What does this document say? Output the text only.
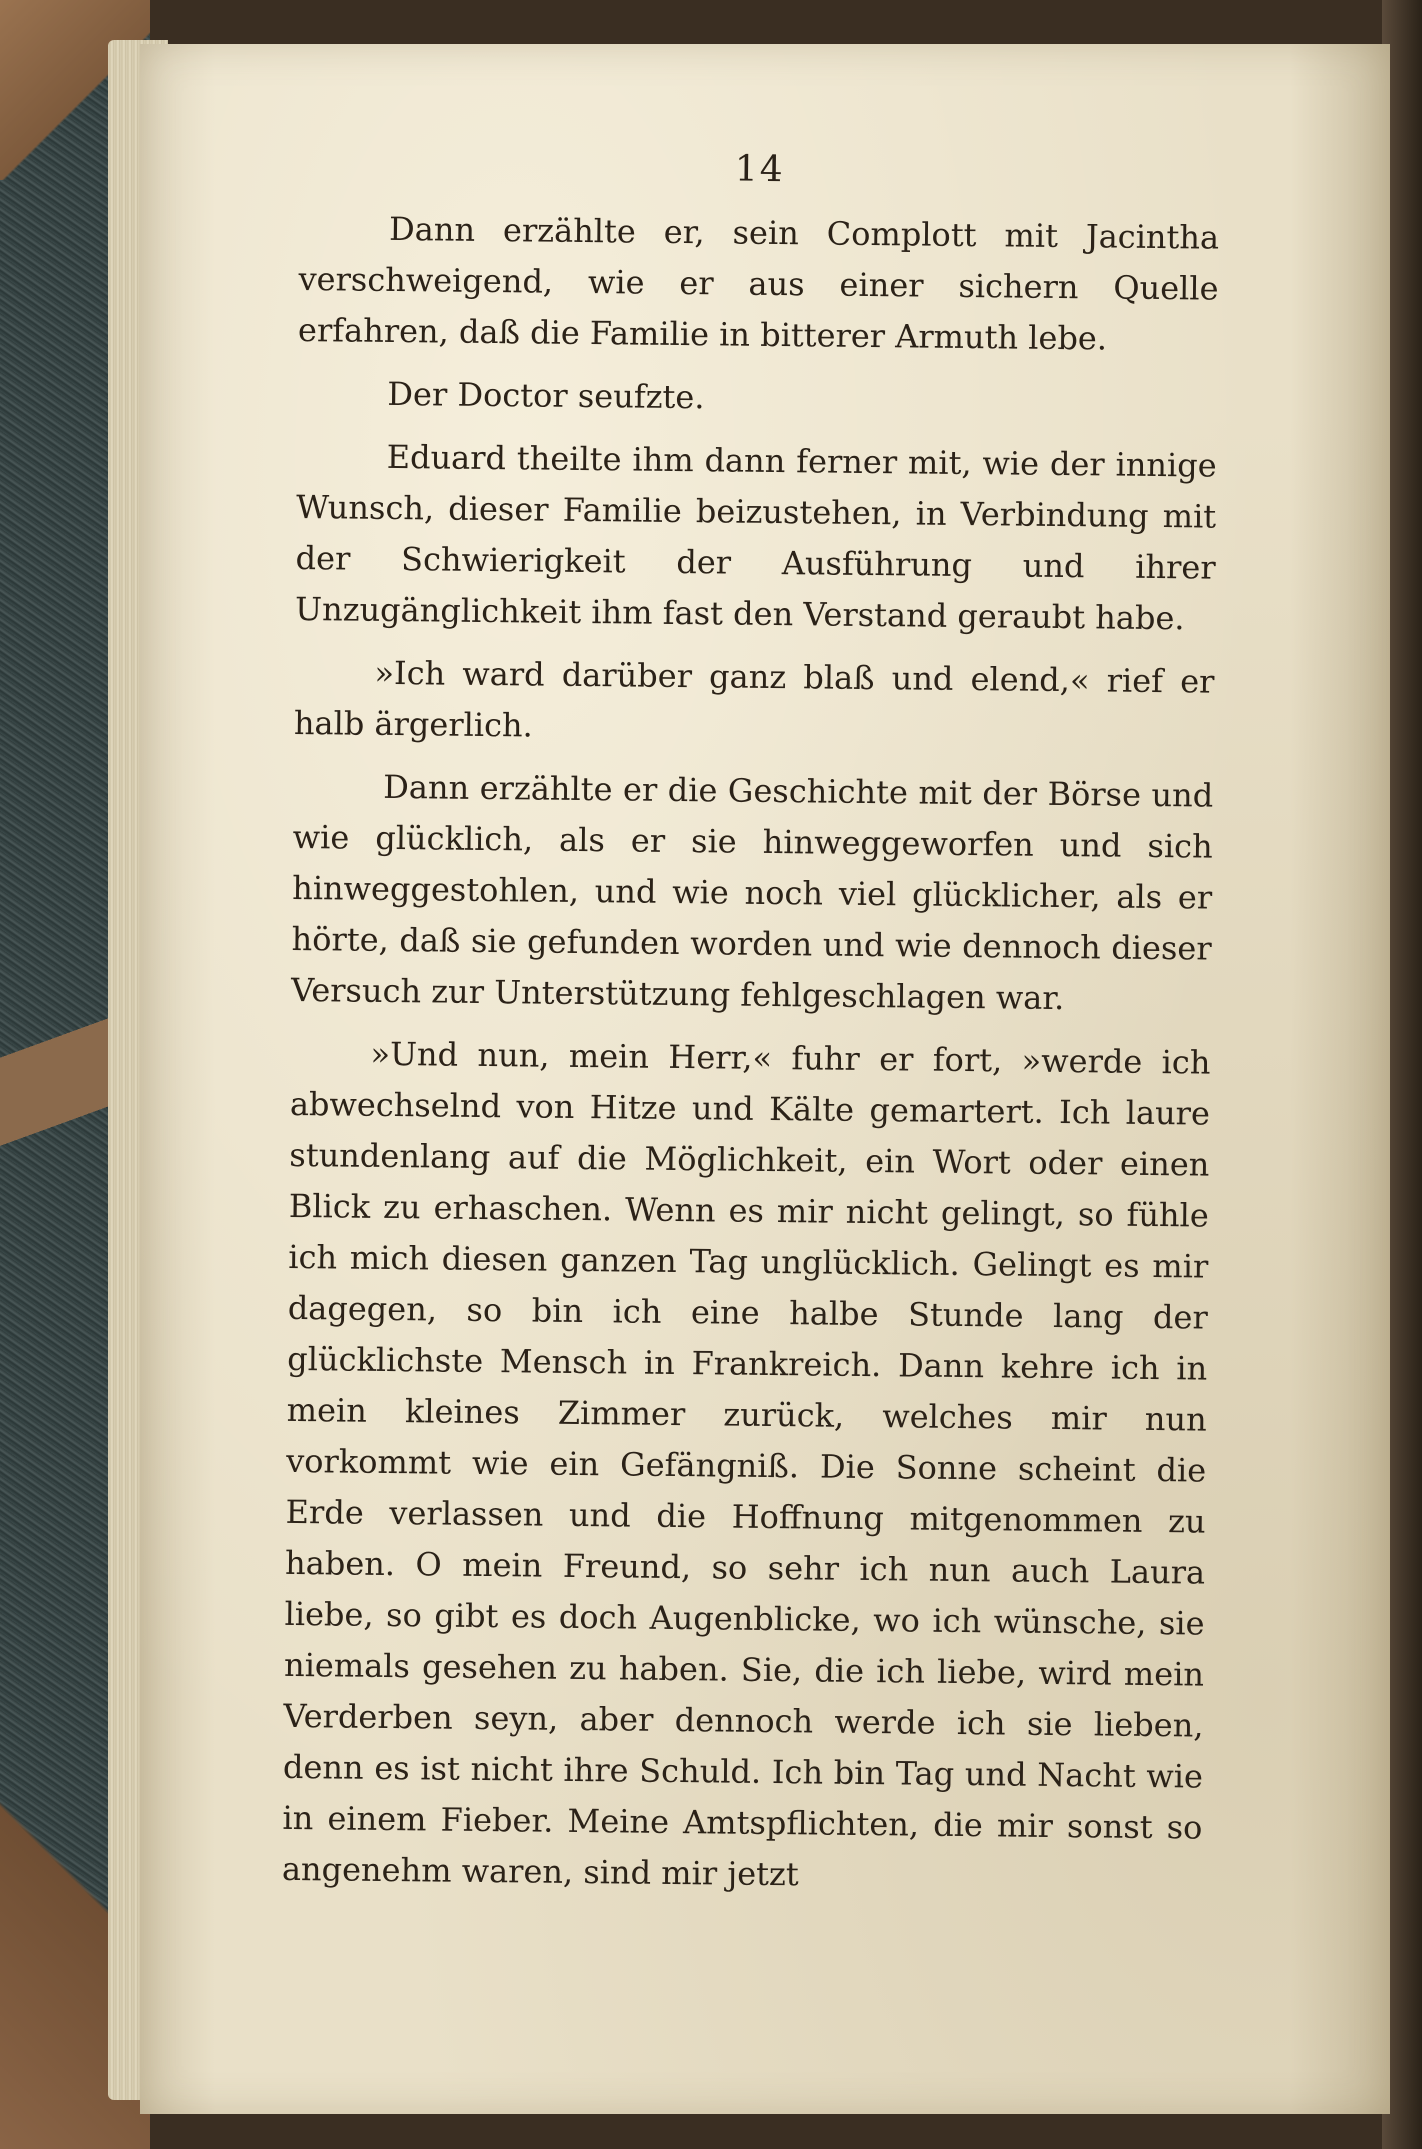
14

Dann erzählte er, sein Complott mit Jacintha verschweigend, wie er aus einer sichern Quelle erfahren, daß die Familie in bitterer Armuth lebe.

Der Doctor seufzte.

Eduard theilte ihm dann ferner mit, wie der innige Wunsch, dieser Familie beizustehen, in Verbindung mit der Schwierigkeit der Ausführung und ihrer Unzugänglichkeit ihm fast den Verstand geraubt habe.

»Ich ward darüber ganz blaß und elend,« rief er halb ärgerlich.

Dann erzählte er die Geschichte mit der Börse und wie glücklich, als er sie hinweggeworfen und sich hinweggestohlen, und wie noch viel glücklicher, als er hörte, daß sie gefunden worden und wie dennoch dieser Versuch zur Unterstützung fehlgeschlagen war.

»Und nun, mein Herr,« fuhr er fort, »werde ich abwechselnd von Hitze und Kälte gemartert. Ich laure stundenlang auf die Möglichkeit, ein Wort oder einen Blick zu erhaschen. Wenn es mir nicht gelingt, so fühle ich mich diesen ganzen Tag unglücklich. Gelingt es mir dagegen, so bin ich eine halbe Stunde lang der glücklichste Mensch in Frankreich. Dann kehre ich in mein kleines Zimmer zurück, welches mir nun vorkommt wie ein Gefängniß. Die Sonne scheint die Erde verlassen und die Hoffnung mitgenommen zu haben. O mein Freund, so sehr ich nun auch Laura liebe, so gibt es doch Augenblicke, wo ich wünsche, sie niemals gesehen zu haben. Sie, die ich liebe, wird mein Verderben seyn, aber dennoch werde ich sie lieben, denn es ist nicht ihre Schuld. Ich bin Tag und Nacht wie in einem Fieber. Meine Amtspflichten, die mir sonst so angenehm waren, sind mir jetzt
